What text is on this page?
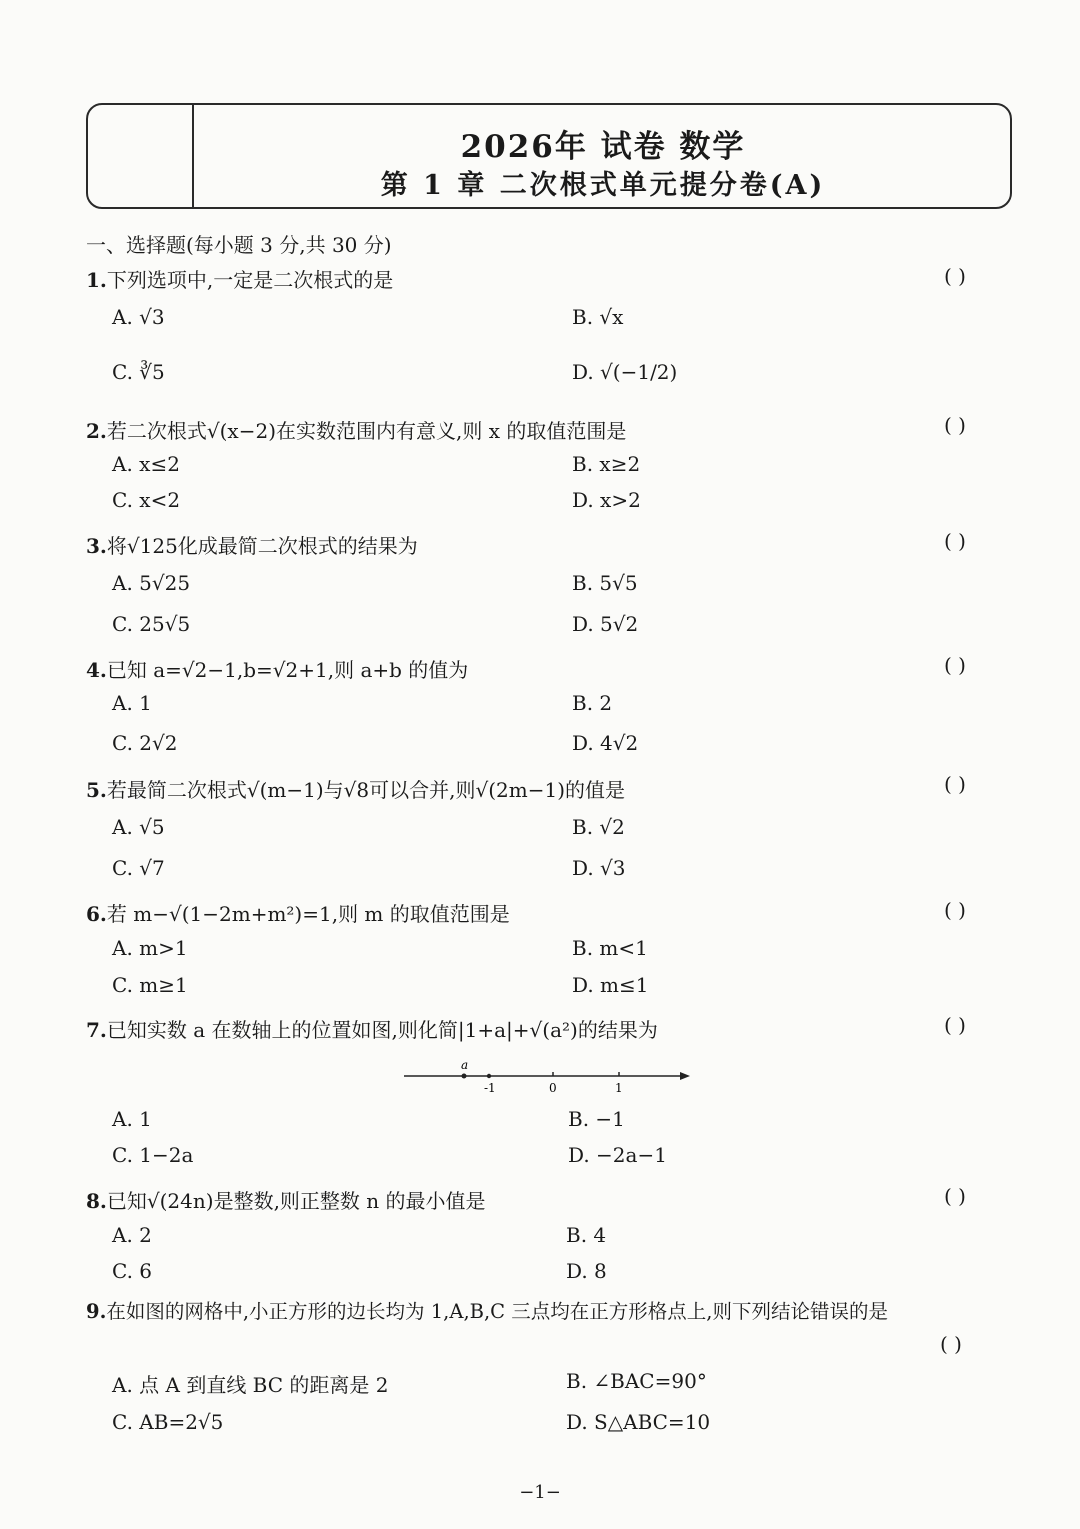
2026年 试卷 数学
第 1 章 二次根式单元提分卷(A)
一、选择题(每小题 3 分,共 30 分)
1.下列选项中,一定是二次根式的是	( )
A. √3	B. √x
C. ∛5	D. √(−1/2)
2.若二次根式√(x−2)在实数范围内有意义,则 x 的取值范围是	( )
A. x≤2	B. x≥2
C. x<2	D. x>2
3.将√125化成最简二次根式的结果为	( )
A. 5√25	B. 5√5
C. 25√5	D. 5√2
4.已知 a=√2−1,b=√2+1,则 a+b 的值为	( )
A. 1	B. 2
C. 2√2	D. 4√2
5.若最简二次根式√(m−1)与√8可以合并,则√(2m−1)的值是	( )
A. √5	B. √2
C. √7	D. √3
6.若 m−√(1−2m+m²)=1,则 m 的取值范围是	( )
A. m>1	B. m<1
C. m≥1	D. m≤1
7.已知实数 a 在数轴上的位置如图,则化简|1+a|+√(a²)的结果为	( )
a
-1	0	1
A. 1	B. −1
C. 1−2a	D. −2a−1
8.已知√(24n)是整数,则正整数 n 的最小值是	( )
A. 2	B. 4
C. 6	D. 8
9.在如图的网格中,小正方形的边长均为 1,A,B,C 三点均在正方形格点上,则下列结论错误的是
( )
A. 点 A 到直线 BC 的距离是 2	B. ∠BAC=90°
C. AB=2√5	D. S△ABC=10
−1−
